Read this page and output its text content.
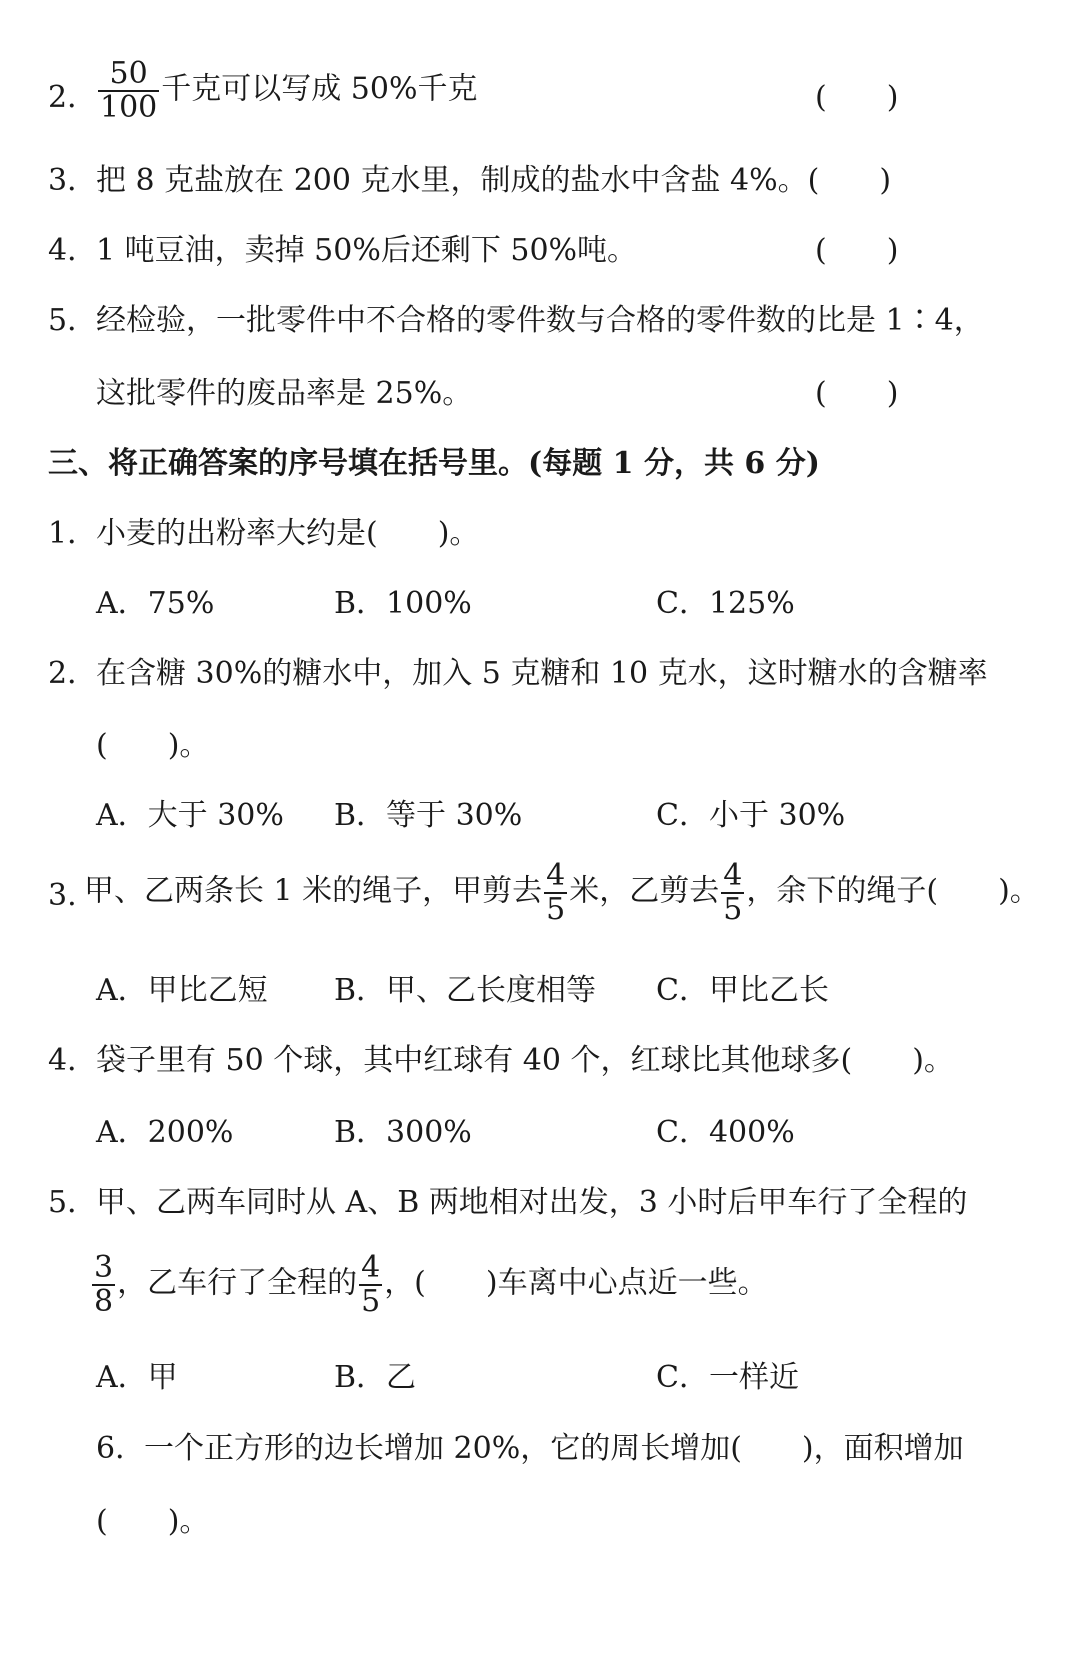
2． $\frac{50}{100}$ 千克可以写成 50%千克	(　　)
3．
把 8 克盐放在 200 克水里，制成的盐水中含盐 4%。(　　)
4．
1 吨豆油，卖掉 50%后还剩下 50%吨。	(　　)
5．
经检验，一批零件中不合格的零件数与合格的零件数的比是 1∶4，
这批零件的废品率是 25%。	(　　)
三、将正确答案的序号填在括号里。(每题 1 分，共 6 分)
1．
小麦的出粉率大约是(　　)。
A．75%	B．100%	C．125%
2．
在含糖 30%的糖水中，加入 5 克糖和 10 克水，这时糖水的含糖率
(　　)。
A．大于 30% B．等于 30%	C．小于 30%
3. 甲、乙两条长 1 米的绳子，甲剪去 $\frac{4}{5}$ 米，乙剪去 $\frac{4}{5}$ ，余下的绳子(　　)。
A．甲比乙短 B．甲、乙长度相等 C．甲比乙长
4．
袋子里有 50 个球，其中红球有 40 个，红球比其他球多(　　)。
A．200%	B．300%	C．400%
5．
甲、乙两车同时从 A、B 两地相对出发，3 小时后甲车行了全程的
$\frac{3}{8}$ ，乙车行了全程的 $\frac{4}{5}$ ，(　　)车离中心点近一些。
A．甲	B．乙	C．一样近
6．
一个正方形的边长增加 20%，它的周长增加(　　)，面积增加
(　　)。
